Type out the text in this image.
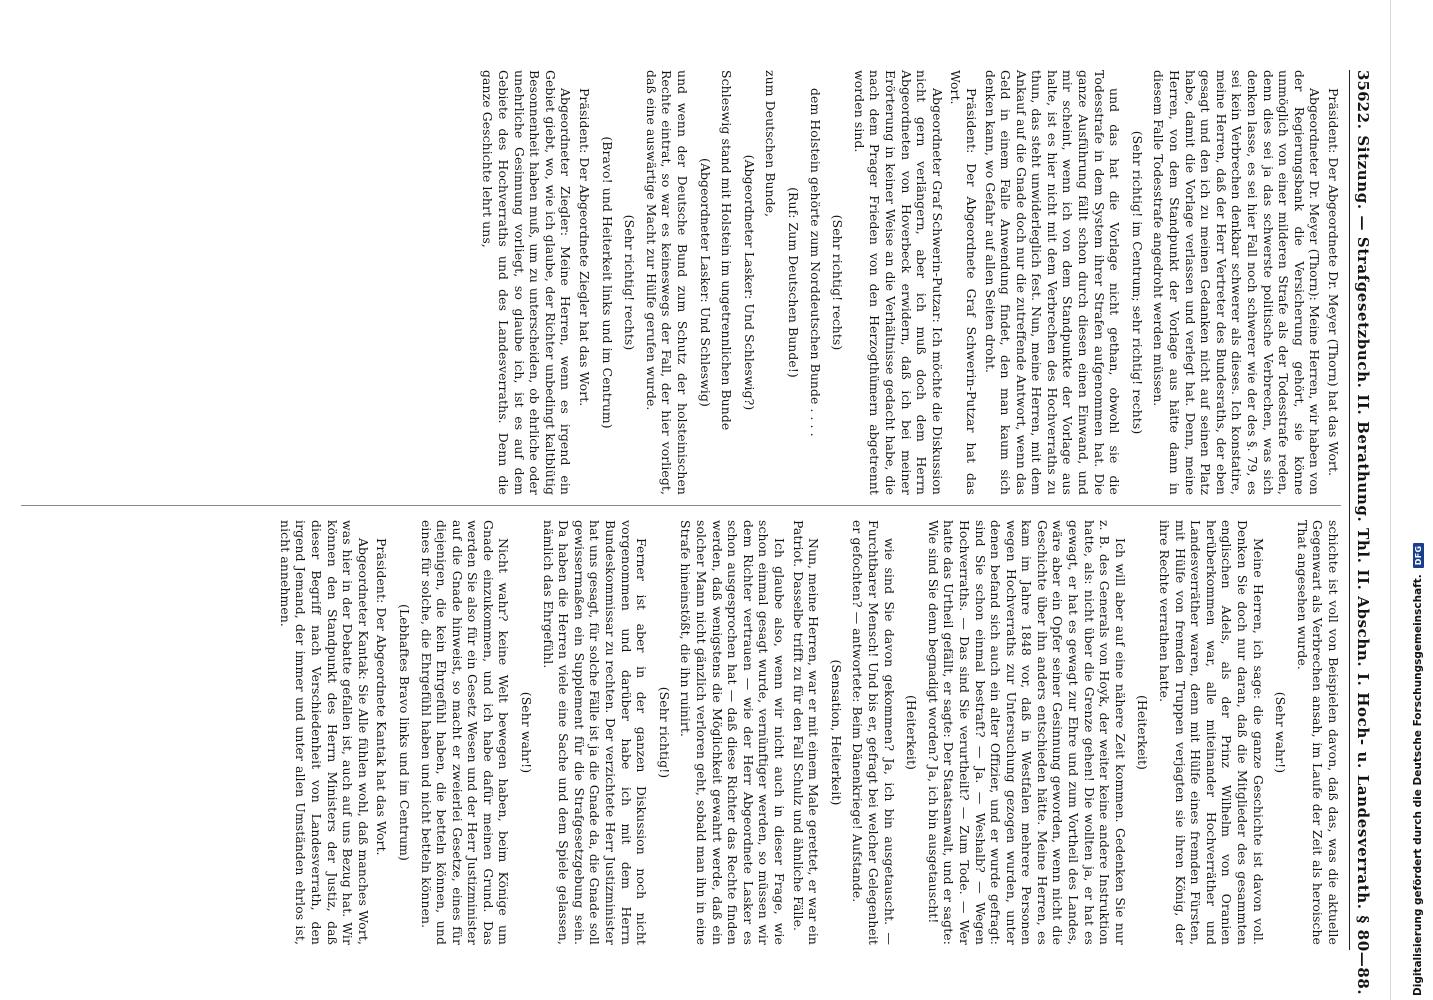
356
22. Sitzung. — Strafgesetzbuch. II. Berathung. Thl. II. Abschn. I. Hoch- u. Landesverrath. § 80—88.

Präsident: Der Abgeordnete Dr. Meyer (Thorn) hat das Wort.

Abgeordneter Dr. Meyer (Thorn): Meine Herren, wir haben von der Regierungsbank die Versicherung gehört, sie könne unmöglich von einer milderen Strafe als der Todesstrafe reden, denn dies sei ja das schwerste politische Verbrechen, was sich denken lasse, es sei hier Fall noch schwerer wie der des §. 79, es sei kein Verbrechen denkbar schwerer als dieses. Ich konstatire, meine Herren, daß der Herr Vertreter des Bundesraths, der eben gesagt und den ich zu meinen Gedanken nicht auf seinen Platz habe, damit die Vorlage verlassen und verlegt hat. Denn, meine Herren, von dem Standpunkt der Vorlage aus hätte dann in diesem Falle Todesstrafe angedroht werden müssen.

(Sehr richtig! im Centrum; sehr richtig! rechts)

und das hat die Vorlage nicht gethan, obwohl sie die Todesstrafe in dem System ihrer Strafen aufgenommen hat. Die ganze Ausführung fällt schon durch diesen einen Einwand, und mir scheint, wenn ich von dem Standpunkte der Vorlage aus halte, ist es hier nicht mit dem Verbrechen des Hochverraths zu thun, das steht unwiderleglich fest. Nun, meine Herren, mit dem Ankauf auf die Gnade doch nur die zutreffende Antwort, wenn das Geld in einem Falle Anwendung findet, den man kaum sich denken kann, wo Gefahr auf allen Seiten droht.

Präsident: Der Abgeordnete Graf Schwerin-Putzar hat das Wort.

Abgeordneter Graf Schwerin-Putzar: Ich möchte die Diskussion nicht gern verlängern, aber ich muß doch dem Herrn Abgeordneten von Hoverbeck erwidern, daß ich bei meiner Erörterung in keiner Weise an die Verhältnisse gedacht habe, die nach dem Prager Frieden von den Herzogthümern abgetrennt worden sind.

(Sehr richtig! rechts)

dem Holstein gehörte zum Norddeutschen Bunde . . . .

(Ruf: Zum Deutschen Bunde!)

zum Deutschen Bunde,

(Abgeordneter Lasker: Und Schleswig?)

Schleswig stand mit Holstein im ungetrennlichen Bunde

(Abgeordneter Lasker: Und Schleswig)

und wenn der Deutsche Bund zum Schutz der holsteinischen Rechte eintrat, so war es keineswegs der Fall, der hier vorliegt, daß eine auswärtige Macht zur Hülfe gerufen wurde.

(Sehr richtig! rechts)

(Bravo! und Heiterkeit links und im Centrum)

Präsident: Der Abgeordnete Ziegler hat das Wort.

Abgeordneter Ziegler: Meine Herren, wenn es irgend ein Gebiet giebt, wo, wie ich glaube, der Richter unbedingt kaltblütig Besonnenheit haben muß, um zu unterscheiden, ob ehrliche oder unehrliche Gesinnung vorliegt, so glaube ich, ist es auf dem Gebiete des Hochverraths und des Landesverraths. Denn die ganze Geschichte lehrt uns,

schichte ist voll von Beispielen davon, daß das, was die aktuelle Gegenwart als Verbrechen ansah, im Laufe der Zeit als heroische That angesehen wurde.

(Sehr wahr!)

Meine Herren, ich sage: die ganze Geschichte ist davon voll. Denken Sie doch nur daran, daß die Mitglieder des gesammten englischen Adels, als der Prinz Wilhelm von Oranien herüberkommen war, alle miteinander Hochverräther und Landesverräther waren, denn mit Hülfe eines fremden Fürsten, mit Hülfe von fremden Truppen verjagten sie ihren König, der ihre Rechte verrathen hatte.

(Heiterkeit)

Ich will aber auf eine nähere Zeit kommen. Gedenken Sie nur z. B. des Generals von Hoyk, der weiter keine andere Instruktion hatte, als: nicht über die Grenze gehen! Die wollten ja, er hat es gewagt, er hat es gewagt zur Ehre und zum Vortheil des Landes, wäre aber ein Opfer seiner Gesinnung geworden, wenn nicht die Geschichte über ihn anders entschieden hätte. Meine Herren, es kam im Jahre 1848 vor, daß in Westfalen mehrere Personen wegen Hochverraths zur Untersuchung gezogen wurden, unter denen befand sich auch ein alter Offizier, und er wurde gefragt: sind Sie schon einmal bestraft? — Ja. — Weshalb? — Wegen Hochverraths. — Das sind Sie verurtheilt? — Zum Tode. — Wer hatte das Urtheil gefällt, er sagte: Der Staatsanwalt, und er sagte: Wie sind Sie denn begnadigt worden? Ja, ich bin ausgetauscht!

(Heiterkeit)

wie sind Sie davon gekommen? Ja, ich bin ausgetauscht. — Furchtbarer Mensch! Und bis er, gefragt bei welcher Gelegenheit er gefochten? — antwortete: Beim Dänenkriege! Aufstande.

(Sensation, Heiterkeit)

Nun, meine Herren, war er mit einem Male gerettet, er war ein Patriot. Dasselbe trifft zu für den Fall Schulz und ähnliche Fälle.

Ich glaube also, wenn wir nicht auch in dieser Frage, wie schon einmal gesagt wurde, vernünftiger werden, so müssen wir dem Richter vertrauen — wie der Herr Abgeordnete Lasker es schon ausgesprochen hat — daß diese Richter das Rechte finden werden, daß wenigstens die Möglichkeit gewahrt werde, daß ein solcher Mann nicht gänzlich verloren geht, sobald man ihn in eine Strafe hineinstößt, die ihn ruinirt.

(Sehr richtig!)

Ferner ist aber in der ganzen Diskussion noch nicht vorgenommen und darüber habe ich mit dem Herrn Bundeskommissar zu rechten. Der verzichtete Herr Justizminister hat uns gesagt, für solche Fälle ist ja die Gnade da, die Gnade soll gewissermaßen ein Supplement für die Strafgesetzgebung sein. Da haben die Herren viele eine Sache und dem Spiele gelassen, nämlich das Ehrgefühl.

(Sehr wahr!)

Nicht wahr? keine Welt bewegen haben, beim Könige um Gnade einzukommen, und ich habe dafür meinen Grund. Das werden Sie also für ein Gesetz Wesen und der Herr Justizminister auf die Gnade hinweist, so macht er zweierlei Gesetze, eines für diejenigen, die kein Ehrgefühl haben, die betteln können, und eines für solche, die Ehrgefühl haben und nicht betteln können.

(Lebhaftes Bravo links und im Centrum)

Präsident: Der Abgeordnete Kantak hat das Wort.

Abgeordneter Kantak: Sie Alle fühlen wohl, daß manches Wort, was hier in der Debatte gefallen ist, auch auf uns Bezug hat. Wir können den Standpunkt des Herrn Ministers der Justiz, daß dieser Begriff nach Verschiedenheit von Landesverrath, den irgend Jemand, der immer und unter allen Umständen ehrlos ist, nicht annehmen.

Digitalisierung gefördert durch die Deutsche Forschungsgemeinschaft.
DFG
